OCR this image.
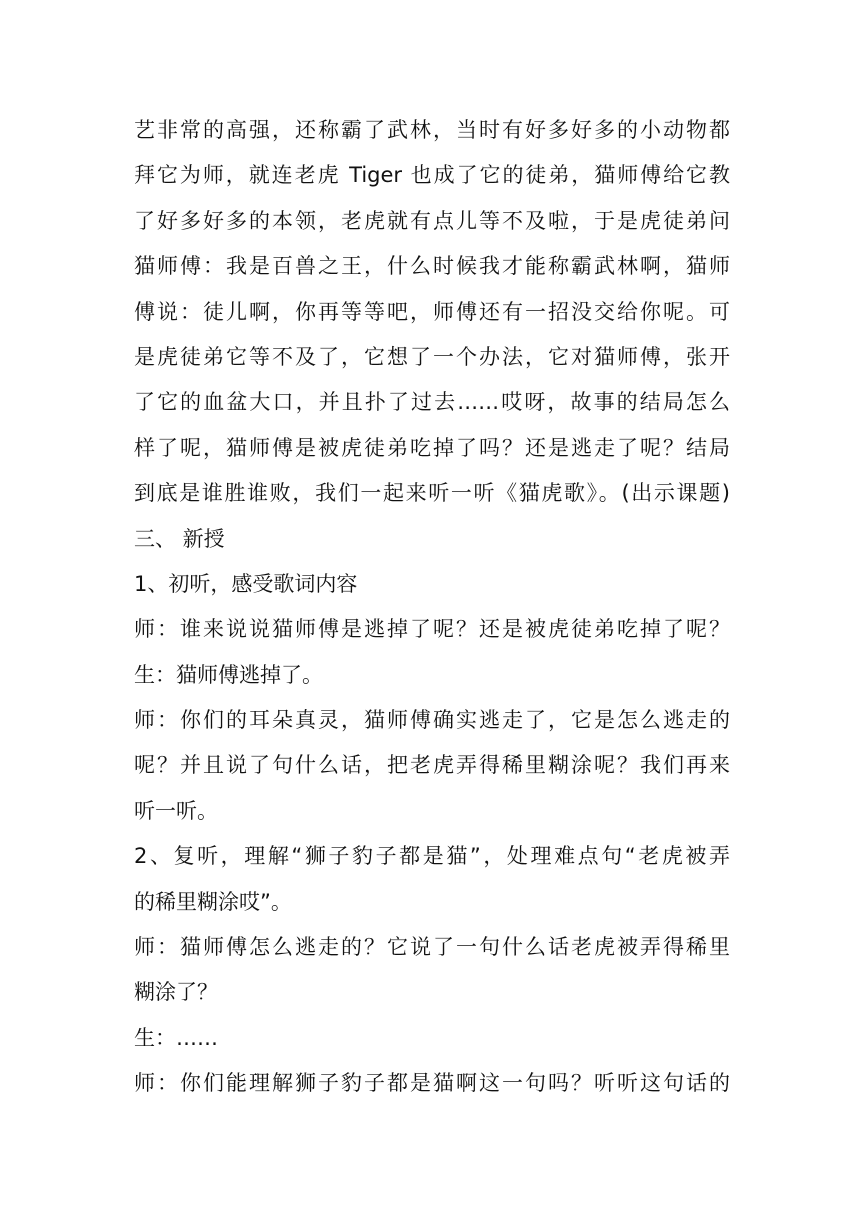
艺非常的高强，还称霸了武林，当时有好多好多的小动物都
拜它为师，就连老虎 Tiger 也成了它的徒弟，猫师傅给它教
了好多好多的本领，老虎就有点儿等不及啦，于是虎徒弟问
猫师傅：我是百兽之王，什么时候我才能称霸武林啊，猫师
傅说：徒儿啊，你再等等吧，师傅还有一招没交给你呢。可
是虎徒弟它等不及了，它想了一个办法，它对猫师傅，张开
了它的血盆大口，并且扑了过去……哎呀，故事的结局怎么
样了呢，猫师傅是被虎徒弟吃掉了吗？还是逃走了呢？结局
到底是谁胜谁败，我们一起来听一听《猫虎歌》。(出示课题)
三、 新授
1、初听，感受歌词内容
师：谁来说说猫师傅是逃掉了呢？还是被虎徒弟吃掉了呢？
生：猫师傅逃掉了。
师：你们的耳朵真灵，猫师傅确实逃走了，它是怎么逃走的
呢？并且说了句什么话，把老虎弄得稀里糊涂呢？我们再来
听一听。
2、复听，理解“狮子豹子都是猫”，处理难点句“老虎被弄
的稀里糊涂哎”。
师：猫师傅怎么逃走的？它说了一句什么话老虎被弄得稀里
糊涂了？
生：……
师：你们能理解狮子豹子都是猫啊这一句吗？听听这句话的
